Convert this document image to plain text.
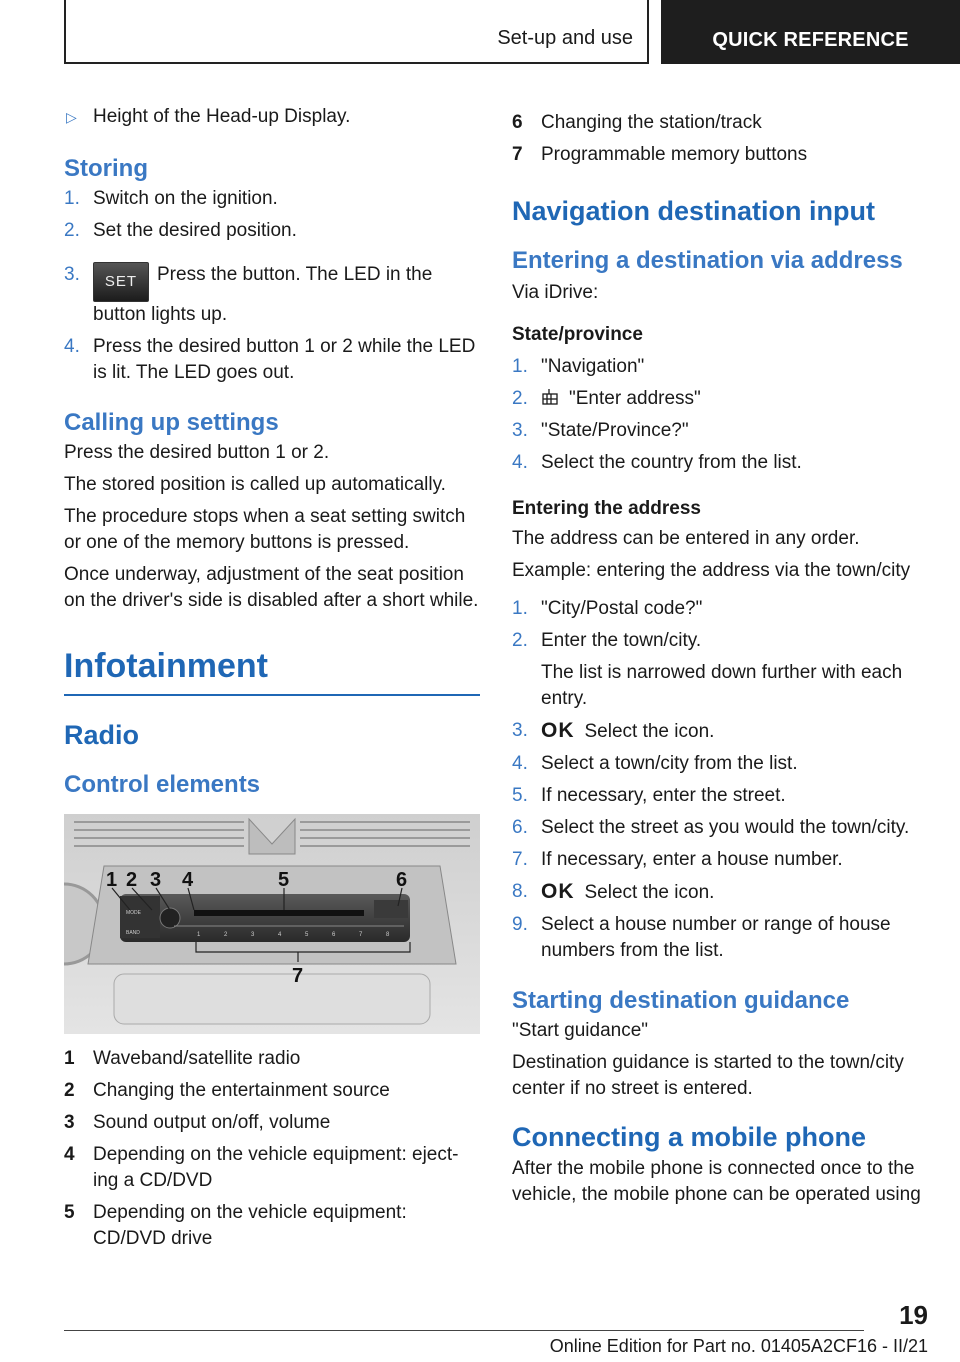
Set-up and use	QUICK REFERENCE
▷ Height of the Head-up Display.
Storing
1. Switch on the ignition.
2. Set the desired position.
3. SET Press the button. The LED in the button lights up.
4. Press the desired button 1 or 2 while the LED is lit. The LED goes out.
Calling up settings

Press the desired button 1 or 2.

The stored position is called up automatically.

The procedure stops when a seat setting switch or one of the memory buttons is pressed.

Once underway, adjustment of the seat position on the driver's side is disabled after a short while.

Infotainment
Radio
Control elements
1 2 3 4	5	6
7
MODE
BAND	1	2	3	4	5	6	7	8
1 Waveband/satellite radio
2 Changing the entertainment source
3 Sound output on/off, volume
4 Depending on the vehicle equipment: eject-ing a CD/DVD
5 Depending on the vehicle equipment: CD/DVD drive
6 Changing the station/track
7 Programmable memory buttons
Navigation destination input
Entering a destination via address

Via iDrive:

State/province
1. "Navigation"
2. "Enter address"
3. "State/Province?"
4. Select the country from the list.
Entering the address

The address can be entered in any order.

Example: entering the address via the town/city

1. "City/Postal code?"
2. Enter the town/city.
The list is narrowed down further with each entry.
3. OK Select the icon.
4. Select a town/city from the list.
5. If necessary, enter the street.
6. Select the street as you would the town/city.
7. If necessary, enter a house number.
8. OK Select the icon.
9. Select a house number or range of house numbers from the list.
Starting destination guidance

"Start guidance"

Destination guidance is started to the town/city center if no street is entered.

Connecting a mobile phone

After the mobile phone is connected once to the vehicle, the mobile phone can be operated using

19
Online Edition for Part no. 01405A2CF16 - II/21
